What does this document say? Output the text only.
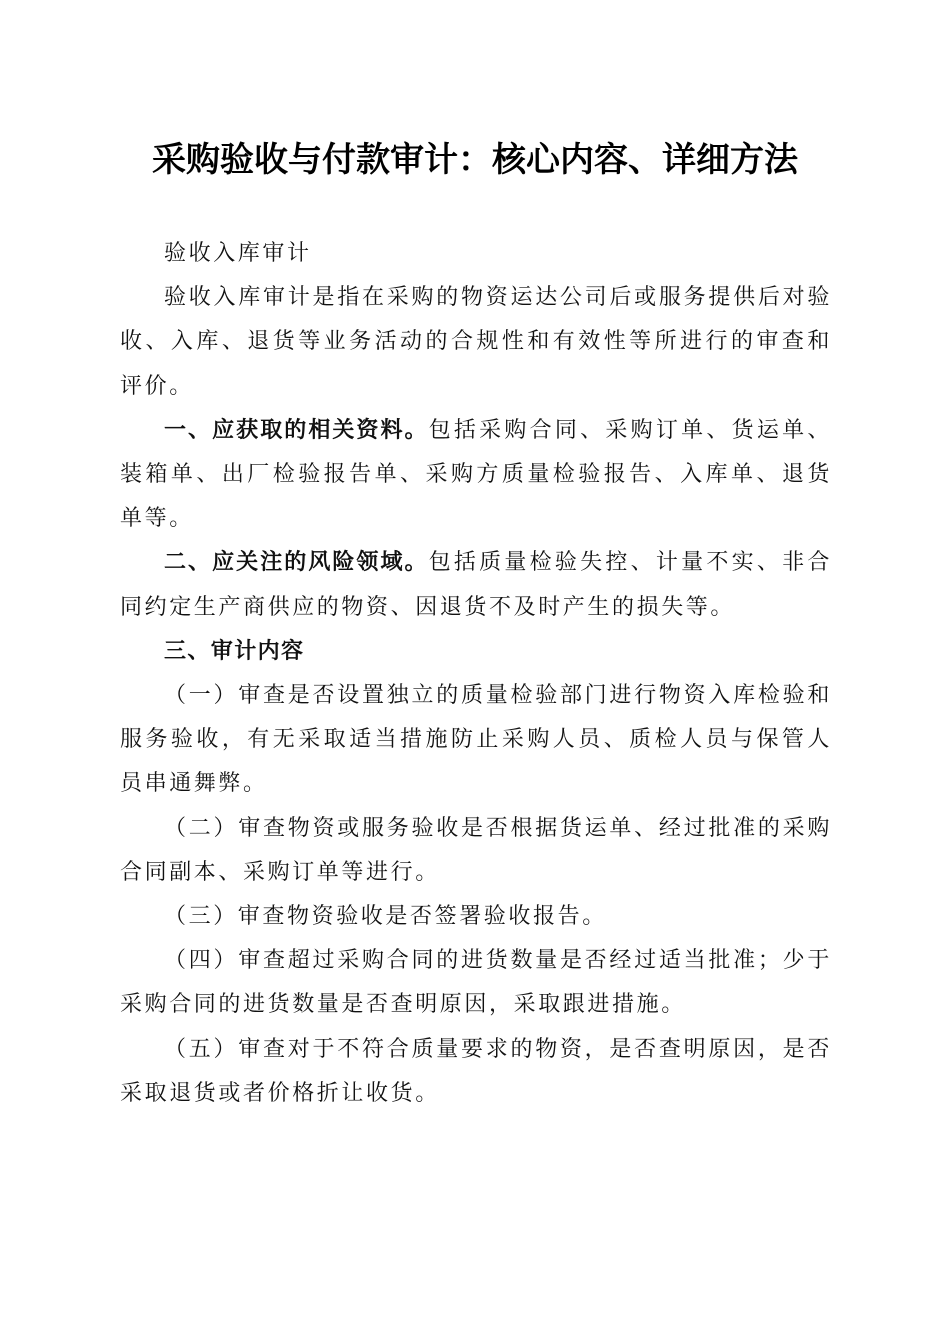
采购验收与付款审计：核心内容、详细方法

验收入库审计

验收入库审计是指在采购的物资运达公司后或服务提供后对验收、入库、退货等业务活动的合规性和有效性等所进行的审查和评价。

一、应获取的相关资料。包括采购合同、采购订单、货运单、装箱单、出厂检验报告单、采购方质量检验报告、入库单、退货单等。

二、应关注的风险领域。包括质量检验失控、计量不实、非合同约定生产商供应的物资、因退货不及时产生的损失等。

三、审计内容

（一）审查是否设置独立的质量检验部门进行物资入库检验和服务验收，有无采取适当措施防止采购人员、质检人员与保管人员串通舞弊。

（二）审查物资或服务验收是否根据货运单、经过批准的采购合同副本、采购订单等进行。

（三）审查物资验收是否签署验收报告。

（四）审查超过采购合同的进货数量是否经过适当批准；少于采购合同的进货数量是否查明原因，采取跟进措施。

（五）审查对于不符合质量要求的物资，是否查明原因，是否采取退货或者价格折让收货。
